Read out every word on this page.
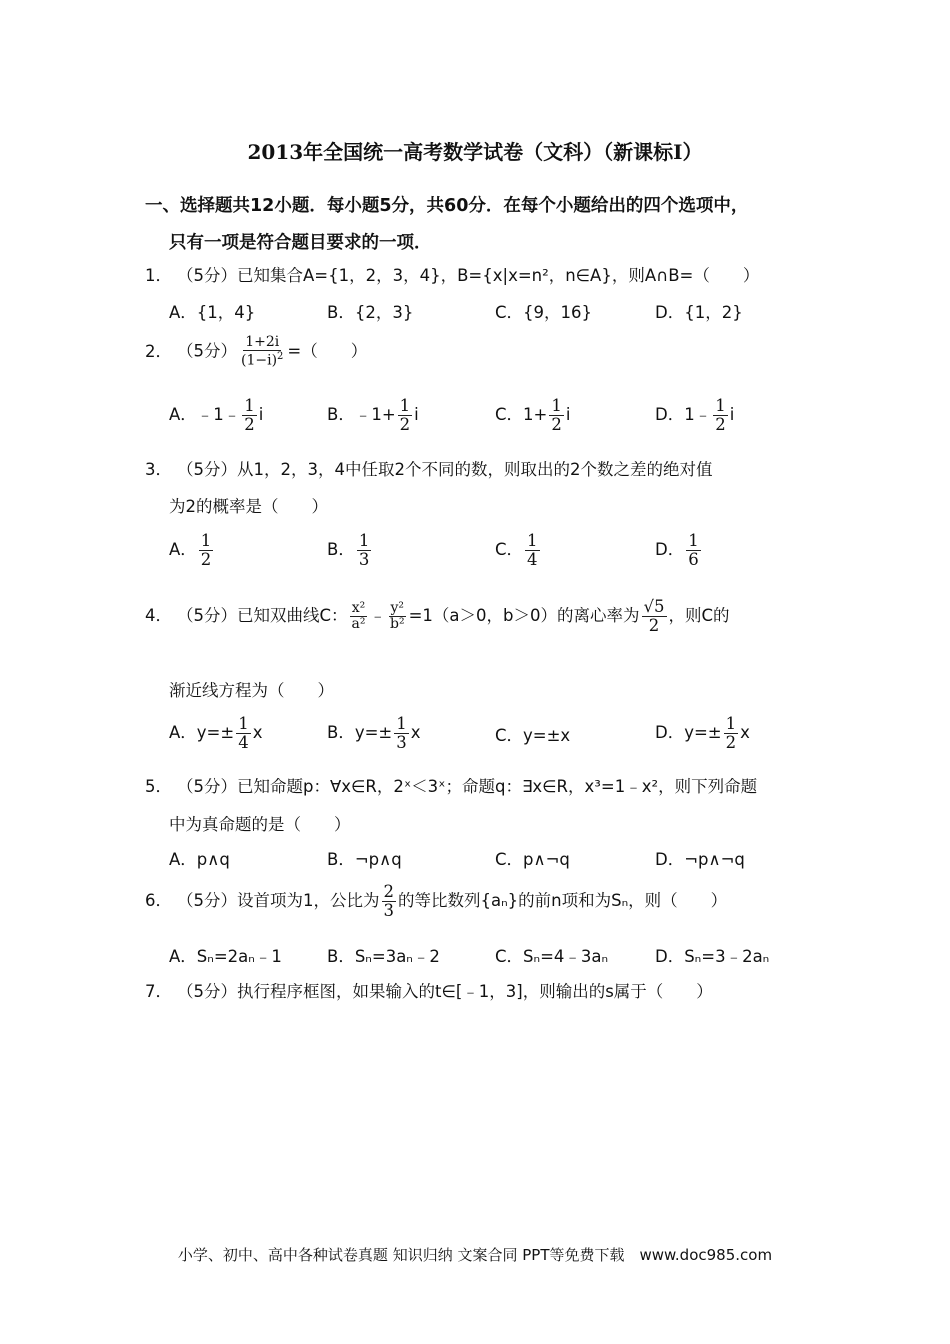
2013年全国统一高考数学试卷（文科）（新课标I）
一、选择题共12小题．每小题5分，共60分．在每个小题给出的四个选项中，
只有一项是符合题目要求的一项．
1． （5分）已知集合A={1，2，3，4}，B={x|x=n²，n∈A}，则A∩B=（　　）
A．{1，4}	B．{2，3}	C．{9，16}	D．{1，2}
2． （5分） $\frac{1+2i}{(1-i)^2}$ =（　　）
A．﹣1﹣ $\frac{1}{2}$ i	B．﹣1+ $\frac{1}{2}$ i	C．$1+ \frac{1}{2}$ i	D．1﹣ $\frac{1}{2}$ i
3． （5分）从1，2，3，4中任取2个不同的数，则取出的2个数之差的绝对值
为2的概率是（　　）
A． $\frac{1}{2}$	B． $\frac{1}{3}$	C． $\frac{1}{4}$	D． $\frac{1}{6}$
4． （5分）已知双曲线C： $\frac{\text{x²}}{\text{a²}}$ ﹣ $\frac{\text{y²}}{\text{b²}} =1(a>0$，b＞0）的离心率为 $\frac{√5}{2}$ ，则C的
渐近线方程为（　　）
A．$y=\pm \frac{1}{4}$ x	B．$y=\pm \frac{1}{3}$ x	C．y=±x	D．$y=\pm \frac{1}{2}$ x
5． （5分）已知命题p：∀x∈R，2ˣ＜3ˣ；命题q：∃x∈R，x³=1﹣x²，则下列命题
中为真命题的是（　　）
A．p∧q	B．¬p∧q	C．p∧¬q	D．¬p∧¬q
6． （5分）设首项为1，公比为 $\frac{2}{3}$ 的等比数列{aₙ}的前n项和为Sₙ，则（　　）
A．Sₙ=2aₙ﹣1	B．Sₙ=3aₙ﹣2	C．Sₙ=4﹣3aₙ	D．Sₙ=3﹣2aₙ
7． （5分）执行程序框图，如果输入的t∈[﹣1，3]，则输出的s属于（　　）
小学、初中、高中各种试卷真题 知识归纳 文案合同 PPT等免费下载　www.doc985.com
